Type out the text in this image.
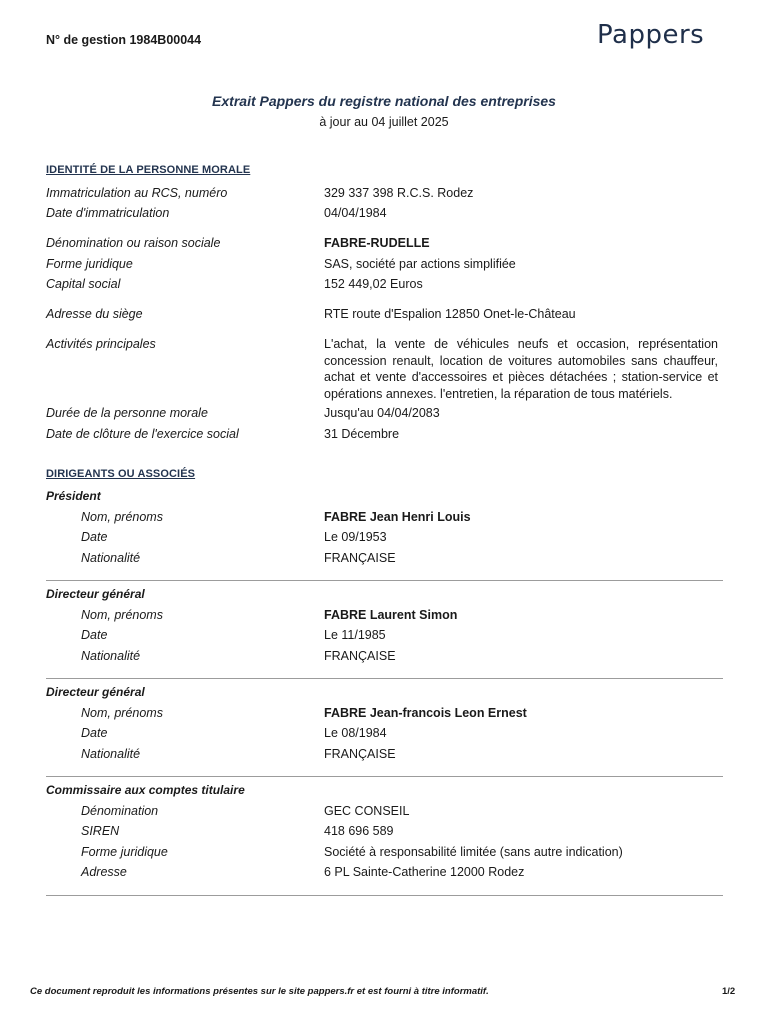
N° de gestion 1984B00044	Pappers
Extrait Pappers du registre national des entreprises
à jour au 04 juillet 2025
IDENTITÉ DE LA PERSONNE MORALE
Immatriculation au RCS, numéro	329 337 398 R.C.S. Rodez
Date d'immatriculation	04/04/1984
Dénomination ou raison sociale	FABRE-RUDELLE
Forme juridique	SAS, société par actions simplifiée
Capital social	152 449,02 Euros
Adresse du siège	RTE route d'Espalion 12850 Onet-le-Château
Activités principales	L'achat, la vente de véhicules neufs et occasion, représentation concession renault, location de voitures automobiles sans chauffeur, achat et vente d'accessoires et pièces détachées ; station-service et opérations annexes. l'entretien, la réparation de tous matériels.
Durée de la personne morale	Jusqu'au 04/04/2083
Date de clôture de l'exercice social	31 Décembre
DIRIGEANTS OU ASSOCIÉS
Président
Nom, prénoms	FABRE Jean Henri Louis
Date	Le 09/1953
Nationalité	FRANÇAISE
Directeur général
Nom, prénoms	FABRE Laurent Simon
Date	Le 11/1985
Nationalité	FRANÇAISE
Directeur général
Nom, prénoms	FABRE Jean-francois Leon Ernest
Date	Le 08/1984
Nationalité	FRANÇAISE
Commissaire aux comptes titulaire
Dénomination	GEC CONSEIL
SIREN	418 696 589
Forme juridique	Société à responsabilité limitée (sans autre indication)
Adresse	6 PL Sainte-Catherine 12000 Rodez
Ce document reproduit les informations présentes sur le site pappers.fr et est fourni à titre informatif.	1/2
